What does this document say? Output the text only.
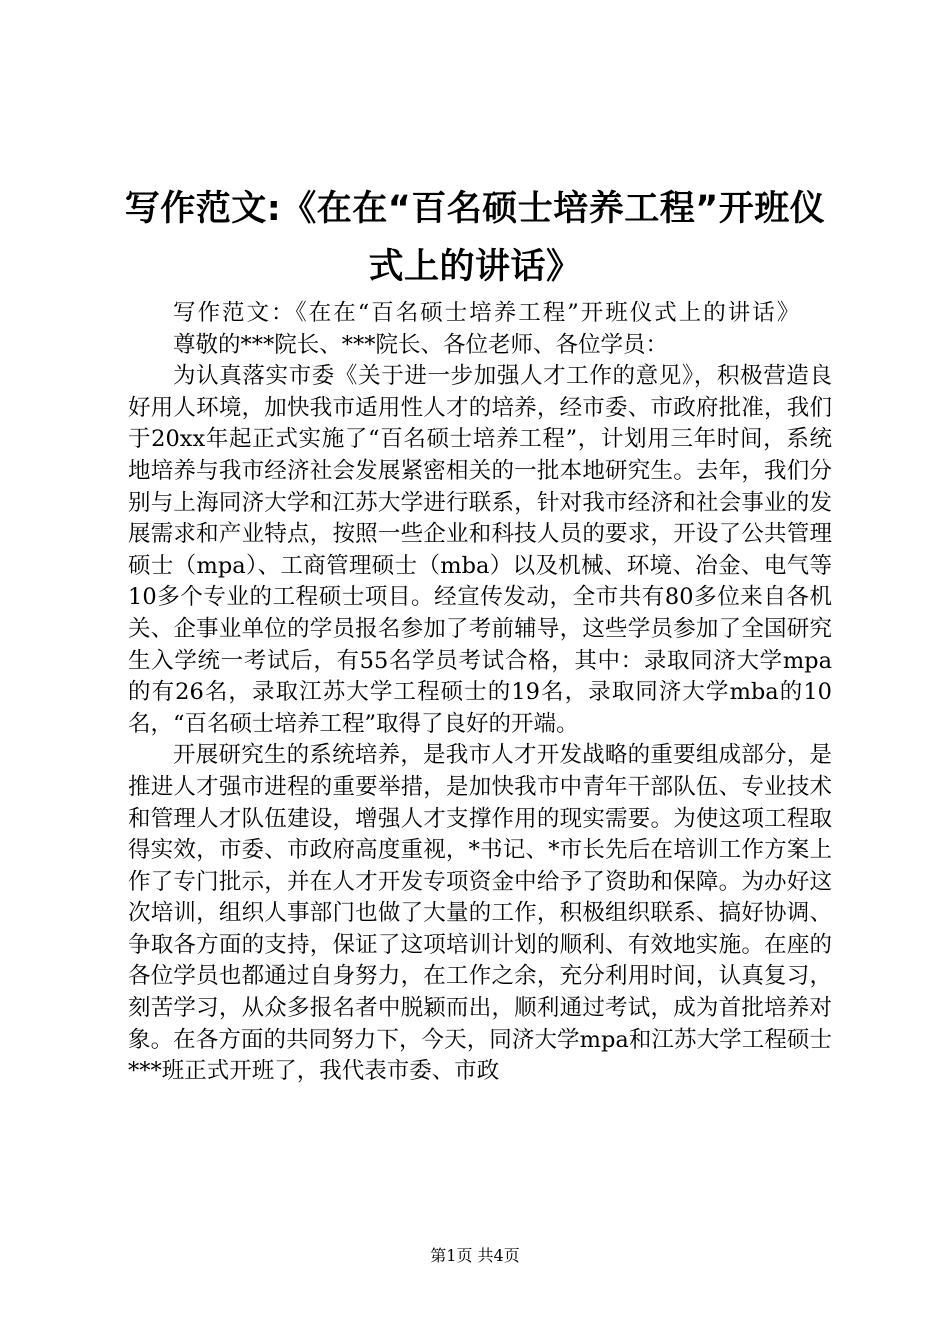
写作范文:《在在“百名硕士培养工程”开班仪式上的讲话》

写作范文：《在在“百名硕士培养工程”开班仪式上的讲话》

尊敬的***院长、***院长、各位老师、各位学员：

为认真落实市委《关于进一步加强人才工作的意见》，积极营造良好用人环境，加快我市适用性人才的培养，经市委、市政府批准，我们于20xx年起正式实施了“百名硕士培养工程”，计划用三年时间，系统地培养与我市经济社会发展紧密相关的一批本地研究生。去年，我们分别与上海同济大学和江苏大学进行联系，针对我市经济和社会事业的发展需求和产业特点，按照一些企业和科技人员的要求，开设了公共管理硕士（mpa）、工商管理硕士（mba）以及机械、环境、冶金、电气等10多个专业的工程硕士项目。经宣传发动，全市共有80多位来自各机关、企事业单位的学员报名参加了考前辅导，这些学员参加了全国研究生入学统一考试后，有55名学员考试合格，其中：录取同济大学mpa的有26名，录取江苏大学工程硕士的19名，录取同济大学mba的10名，“百名硕士培养工程”取得了良好的开端。

开展研究生的系统培养，是我市人才开发战略的重要组成部分，是推进人才强市进程的重要举措，是加快我市中青年干部队伍、专业技术和管理人才队伍建设，增强人才支撑作用的现实需要。为使这项工程取得实效，市委、市政府高度重视，*书记、*市长先后在培训工作方案上作了专门批示，并在人才开发专项资金中给予了资助和保障。为办好这次培训，组织人事部门也做了大量的工作，积极组织联系、搞好协调、争取各方面的支持，保证了这项培训计划的顺利、有效地实施。在座的各位学员也都通过自身努力，在工作之余，充分利用时间，认真复习，刻苦学习，从众多报名者中脱颖而出，顺利通过考试，成为首批培养对象。在各方面的共同努力下，今天，同济大学mpa和江苏大学工程硕士***班正式开班了，我代表市委、市政

第1页 共4页
